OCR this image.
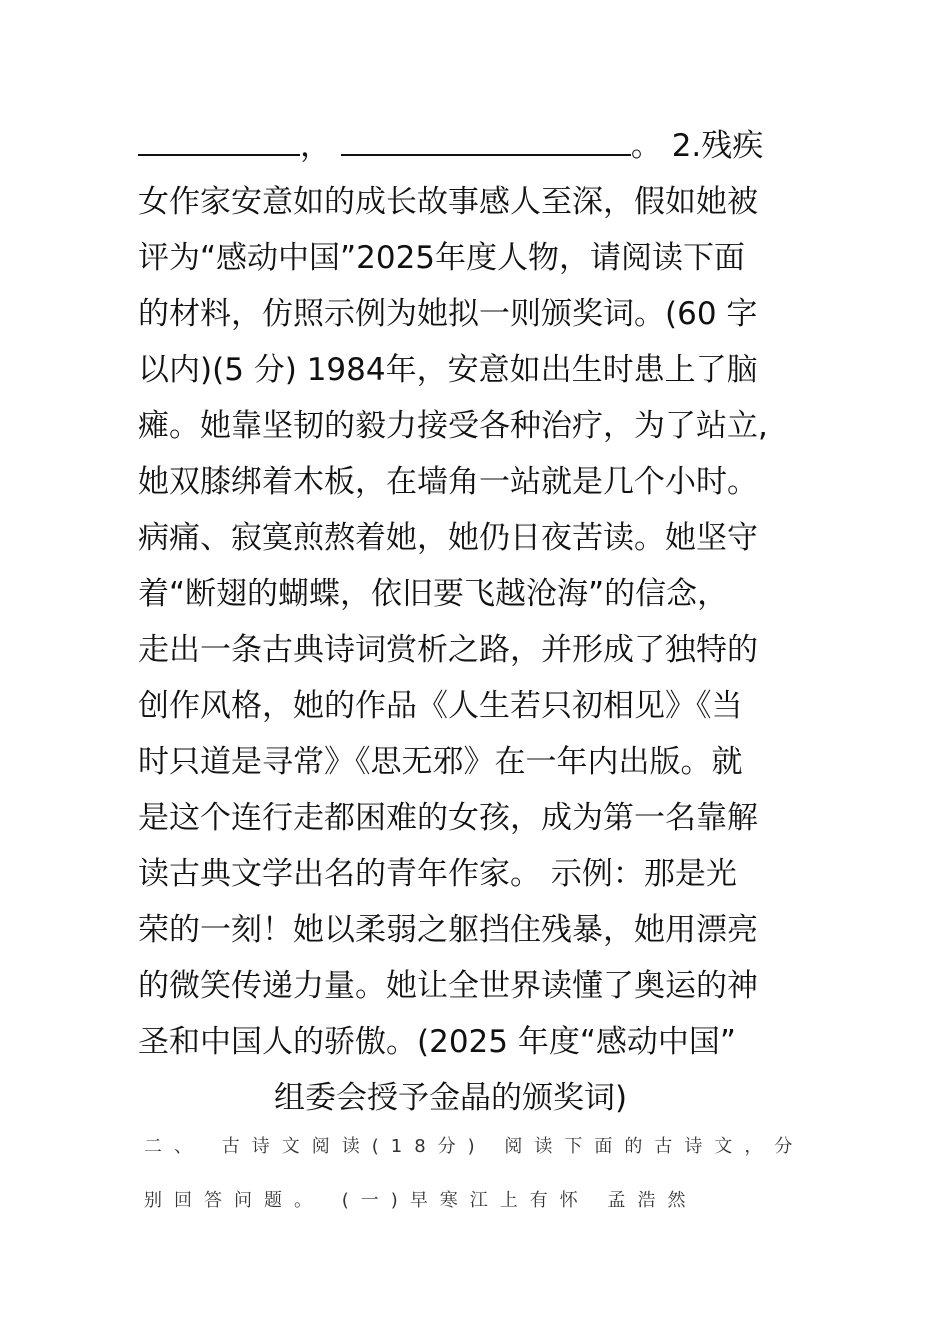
，	。 2.残疾
女作家安意如的成长故事感人至深，假如她被
评为“感动中国”2025年度人物，请阅读下面
的材料，仿照示例为她拟一则颁奖词。(60 字
以内)(5 分) 1984年，安意如出生时患上了脑
瘫。她靠坚韧的毅力接受各种治疗，为了站立,
她双膝绑着木板，在墙角一站就是几个小时。
病痛、寂寞煎熬着她，她仍日夜苦读。她坚守
着“断翅的蝴蝶，依旧要飞越沧海”的信念，
走出一条古典诗词赏析之路，并形成了独特的
创作风格，她的作品《人生若只初相见》《当
时只道是寻常》《思无邪》在一年内出版。就
是这个连行走都困难的女孩，成为第一名靠解
读古典文学出名的青年作家。 示例：那是光
荣的一刻！她以柔弱之躯挡住残暴，她用漂亮
的微笑传递力量。她让全世界读懂了奥运的神
圣和中国人的骄傲。(2025 年度“感动中国”
组委会授予金晶的颁奖词)
二、 古诗文阅读(18分) 阅读下面的古诗文，分
别回答问题。 (一)早寒江上有怀 孟浩然
